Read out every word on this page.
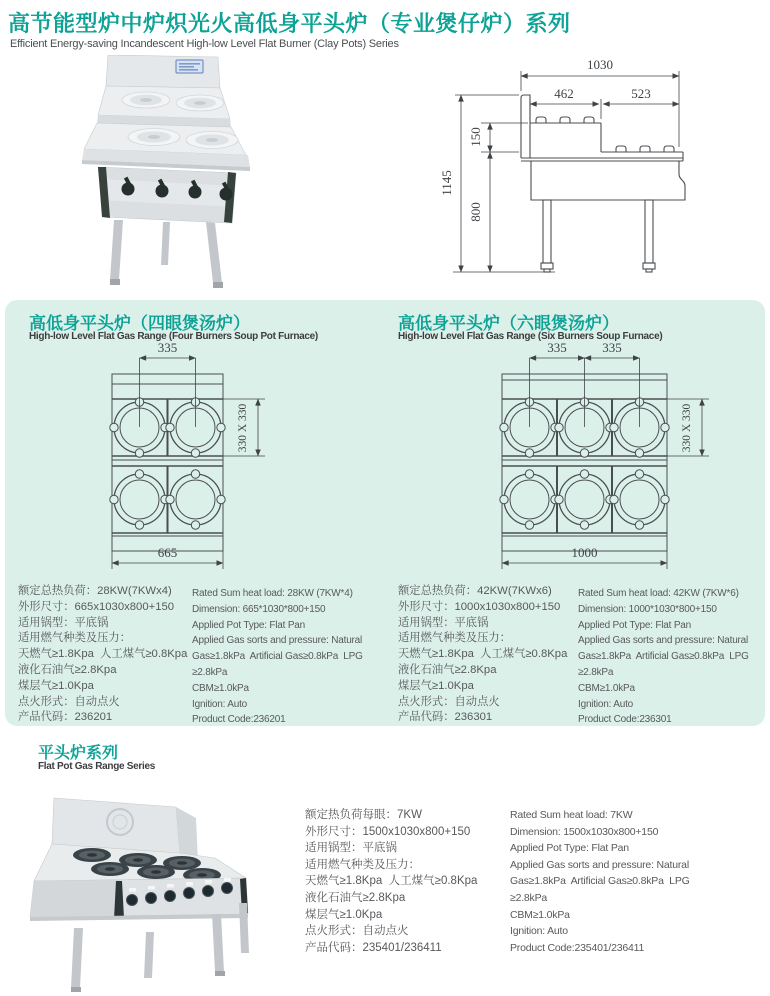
高节能型炉中炉炽光火高低身平头炉（专业煲仔炉）系列
Efficient Energy-saving Incandescent High-low Level Flat Burner (Clay Pots) Series
1030
462	523
150
800
1145
高低身平头炉（四眼煲汤炉）
High-low Level Flat Gas Range (Four Burners Soup Pot Furnace)
335
330 X 330
665
额定总热负荷：28KW(7KWx4)
外形尺寸：665x1030x800+150
适用锅型：平底锅
适用燃气种类及压力：
天燃气≥1.8Kpa  人工煤气≥0.8Kpa
液化石油气≥2.8Kpa
煤层气≥1.0Kpa
点火形式：自动点火
产品代码：236201
Rated Sum heat load: 28KW (7KW*4)
Dimension: 665*1030*800+150
Applied Pot Type: Flat Pan
Applied Gas sorts and pressure: Natural
Gas≥1.8kPa  Artificial Gas≥0.8kPa  LPG
≥2.8kPa
CBM≥1.0kPa
Ignition: Auto
Product Code:236201
高低身平头炉（六眼煲汤炉）
High-low Level Flat Gas Range (Six Burners Soup Furnace)
335	335
330 X 330
1000
额定总热负荷：42KW(7KWx6)
外形尺寸：1000x1030x800+150
适用锅型：平底锅
适用燃气种类及压力：
天燃气≥1.8Kpa  人工煤气≥0.8Kpa
液化石油气≥2.8Kpa
煤层气≥1.0Kpa
点火形式：自动点火
产品代码：236301
Rated Sum heat load: 42KW (7KW*6)
Dimension: 1000*1030*800+150
Applied Pot Type: Flat Pan
Applied Gas sorts and pressure: Natural
Gas≥1.8kPa  Artificial Gas≥0.8kPa  LPG
≥2.8kPa
CBM≥1.0kPa
Ignition: Auto
Product Code:236301
平头炉系列
Flat Pot Gas Range Series
额定热负荷每眼：7KW
外形尺寸：1500x1030x800+150
适用锅型：平底锅
适用燃气种类及压力：
天燃气≥1.8Kpa  人工煤气≥0.8Kpa
液化石油气≥2.8Kpa
煤层气≥1.0Kpa
点火形式：自动点火
产品代码：235401/236411
Rated Sum heat load: 7KW
Dimension: 1500x1030x800+150
Applied Pot Type: Flat Pan
Applied Gas sorts and pressure: Natural
Gas≥1.8kPa  Artificial Gas≥0.8kPa  LPG
≥2.8kPa
CBM≥1.0kPa
Ignition: Auto
Product Code:235401/236411
